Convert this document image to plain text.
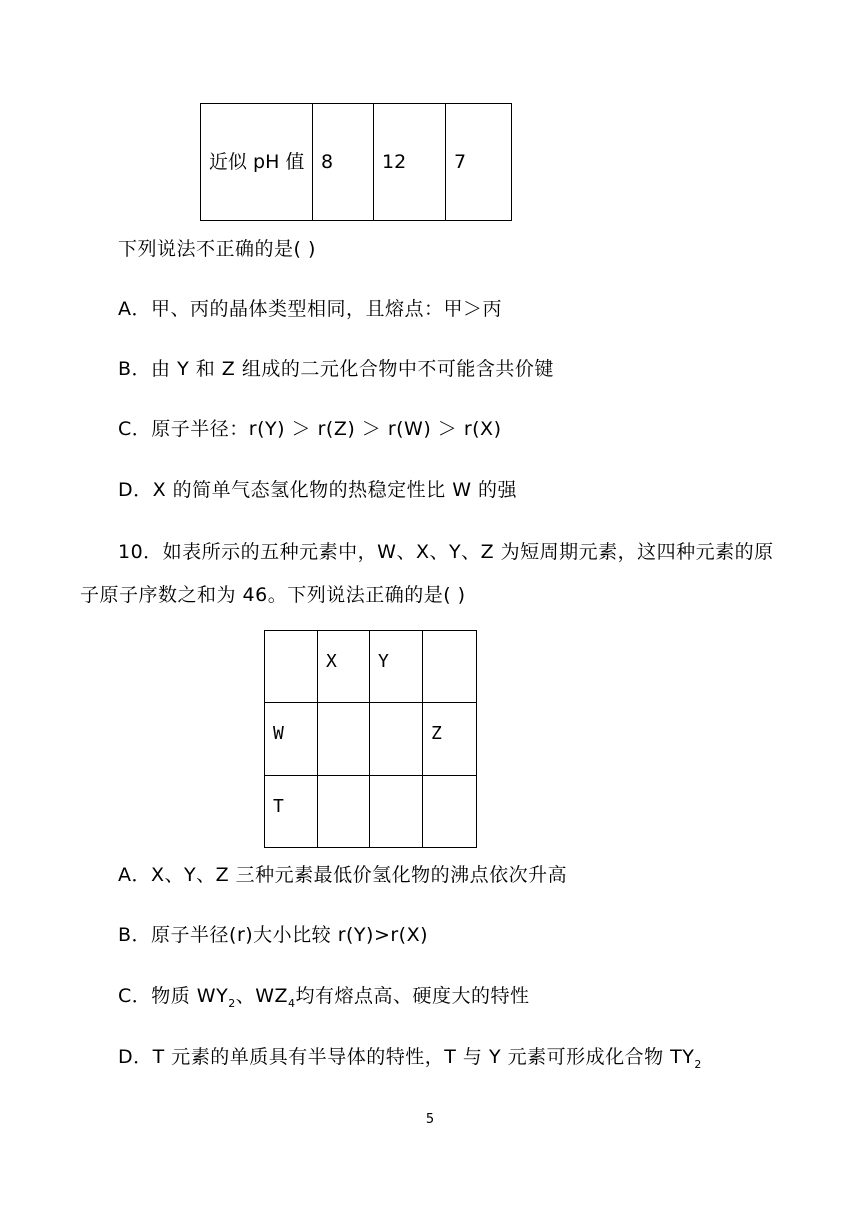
近似 pH 值	8	12	7
下列说法不正确的是( )
A．甲、丙的晶体类型相同，且熔点：甲＞丙
B．由 Y 和 Z 组成的二元化合物中不可能含共价键
C．原子半径：r(Y) ＞ r(Z) ＞ r(W) ＞ r(X)
D．X 的简单气态氢化物的热稳定性比 W 的强
10．如表所示的五种元素中，W、X、Y、Z 为短周期元素，这四种元素的原
子原子序数之和为 46。下列说法正确的是( )
	X	Y	
W			Z
T			
A．X、Y、Z 三种元素最低价氢化物的沸点依次升高
B．原子半径(r)大小比较 r(Y)>r(X)
C．物质 $WY_2$、$WZ_4$均有熔点高、硬度大的特性
D．T 元素的单质具有半导体的特性，T 与 Y 元素可形成化合物 $TY_2$
5
